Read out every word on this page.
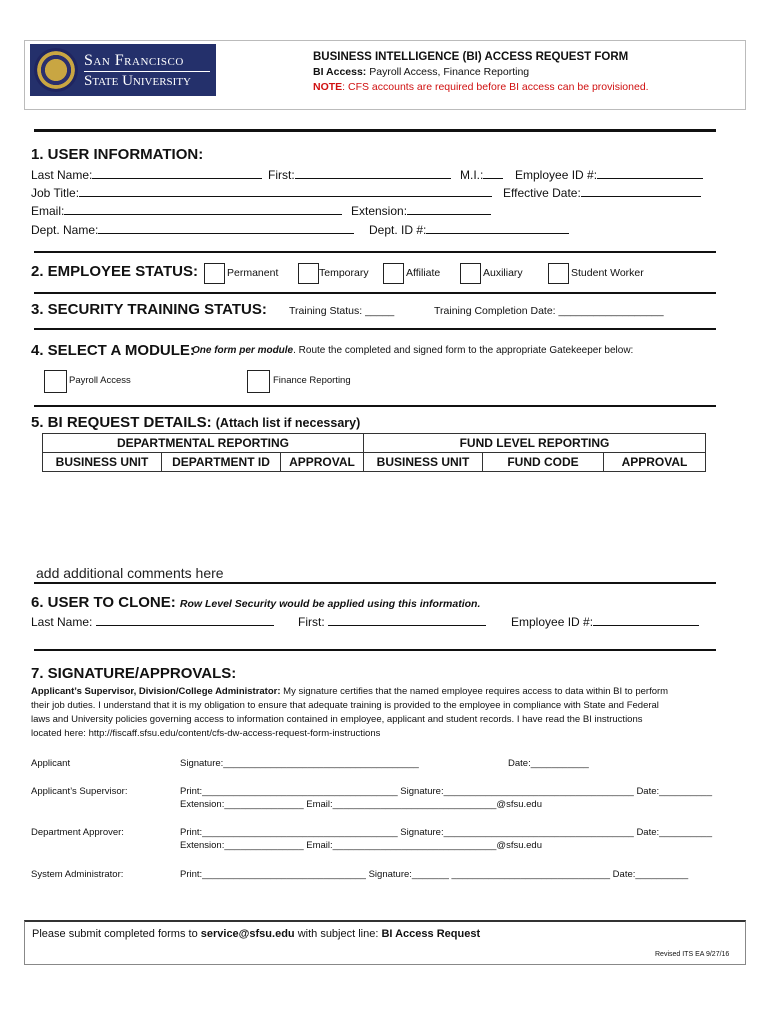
San Francisco
State University
BUSINESS INTELLIGENCE (BI) ACCESS REQUEST FORM
BI Access: Payroll Access, Finance Reporting
NOTE: CFS accounts are required before BI access can be provisioned.
1. USER INFORMATION:
Last Name:	First:	M.I.:	Employee ID #:
Job Title:	Effective Date:
Email:	Extension:
Dept. Name:	Dept. ID #:
2. EMPLOYEE STATUS:	Permanent	Temporary	Affiliate	Auxiliary	Student Worker
3. SECURITY TRAINING STATUS: Training Status: _____	Training Completion Date: __________________
4. SELECT A MODULE:
One form per module. Route the completed and signed form to the appropriate Gatekeeper below:
Payroll Access	Finance Reporting
5. BI REQUEST DETAILS: (Attach list if necessary)
DEPARTMENTAL REPORTING			FUND LEVEL REPORTING		
BUSINESS UNIT	DEPARTMENT ID	APPROVAL	BUSINESS UNIT	FUND CODE	APPROVAL
add additional comments here
6. USER TO CLONE: Row Level Security would be applied using this information.
Last Name:	First:	Employee ID #:
7. SIGNATURE/APPROVALS:
Applicant’s Supervisor, Division/College Administrator: My signature certifies that the named employee requires access to data within BI to perform
their job duties. I understand that it is my obligation to ensure that adequate training is provided to the employee in compliance with State and Federal
laws and University policies governing access to information contained in employee, applicant and student records. I have read the BI instructions
located here: http://fiscaff.sfsu.edu/content/cfs-dw-access-request-form-instructions
Applicant	Signature:_____________________________________	Date:___________
Applicant’s Supervisor:	Print:_____________________________________ Signature:____________________________________ Date:__________
Extension:_______________ Email:_______________________________@sfsu.edu
Department Approver:	Print:_____________________________________ Signature:____________________________________ Date:__________
Extension:_______________ Email:_______________________________@sfsu.edu
System Administrator:	Print:_______________________________ Signature:_______ ______________________________ Date:__________
Please submit completed forms to service@sfsu.edu with subject line: BI Access Request
Revised ITS EA 9/27/16
